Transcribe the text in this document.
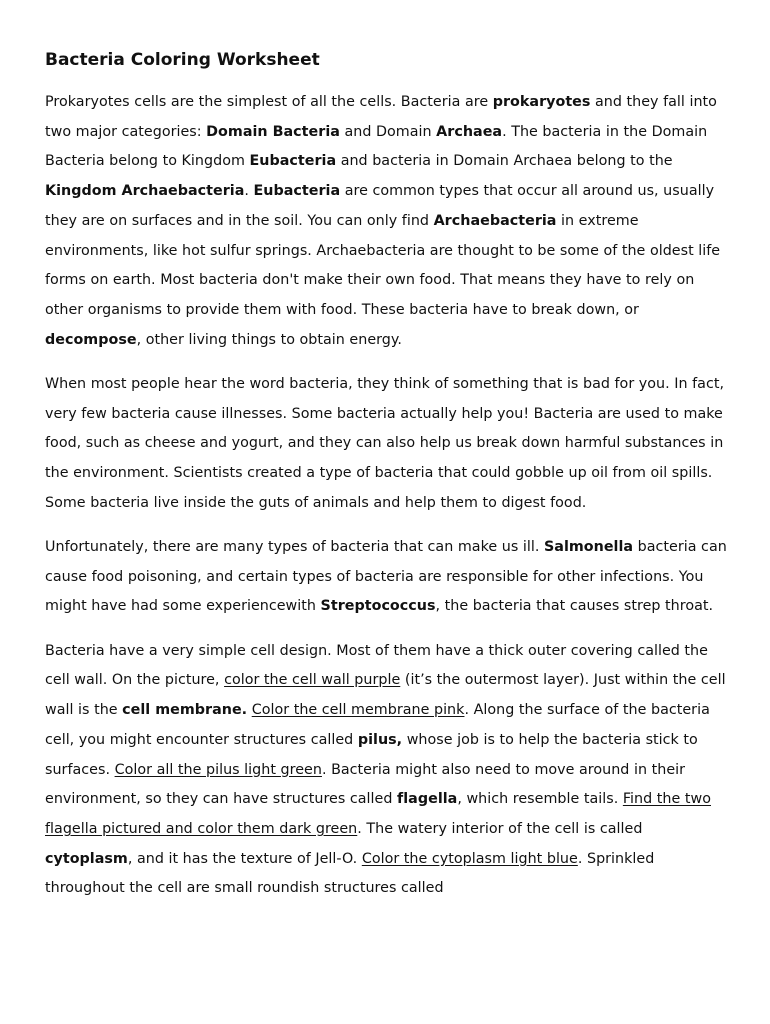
Bacteria Coloring Worksheet

Prokaryotes cells are the simplest of all the cells. Bacteria are prokaryotes and they fall into two major categories: Domain Bacteria and Domain Archaea. The bacteria in the Domain Bacteria belong to Kingdom Eubacteria and bacteria in Domain Archaea belong to the Kingdom Archaebacteria. Eubacteria are common types that occur all around us, usually they are on surfaces and in the soil. You can only find Archaebacteria in extreme environments, like hot sulfur springs. Archaebacteria are thought to be some of the oldest life forms on earth. Most bacteria don't make their own food. That means they have to rely on other organisms to provide them with food. These bacteria have to break down, or decompose, other living things to obtain energy.

When most people hear the word bacteria, they think of something that is bad for you. In fact, very few bacteria cause illnesses. Some bacteria actually help you! Bacteria are used to make food, such as cheese and yogurt, and they can also help us break down harmful substances in the environment. Scientists created a type of bacteria that could gobble up oil from oil spills. Some bacteria live inside the guts of animals and help them to digest food.

Unfortunately, there are many types of bacteria that can make us ill. Salmonella bacteria can cause food poisoning, and certain types of bacteria are responsible for other infections. You might have had some experiencewith Streptococcus, the bacteria that causes strep throat.

Bacteria have a very simple cell design. Most of them have a thick outer covering called the cell wall. On the picture, color the cell wall purple (it’s the outermost layer). Just within the cell wall is the cell membrane. Color the cell membrane pink. Along the surface of the bacteria cell, you might encounter structures called pilus, whose job is to help the bacteria stick to surfaces. Color all the pilus light green. Bacteria might also need to move around in their environment, so they can have structures called flagella, which resemble tails. Find the two flagella pictured and color them dark green. The watery interior of the cell is called cytoplasm, and it has the texture of Jell-O. Color the cytoplasm light blue. Sprinkled throughout the cell are small roundish structures called
